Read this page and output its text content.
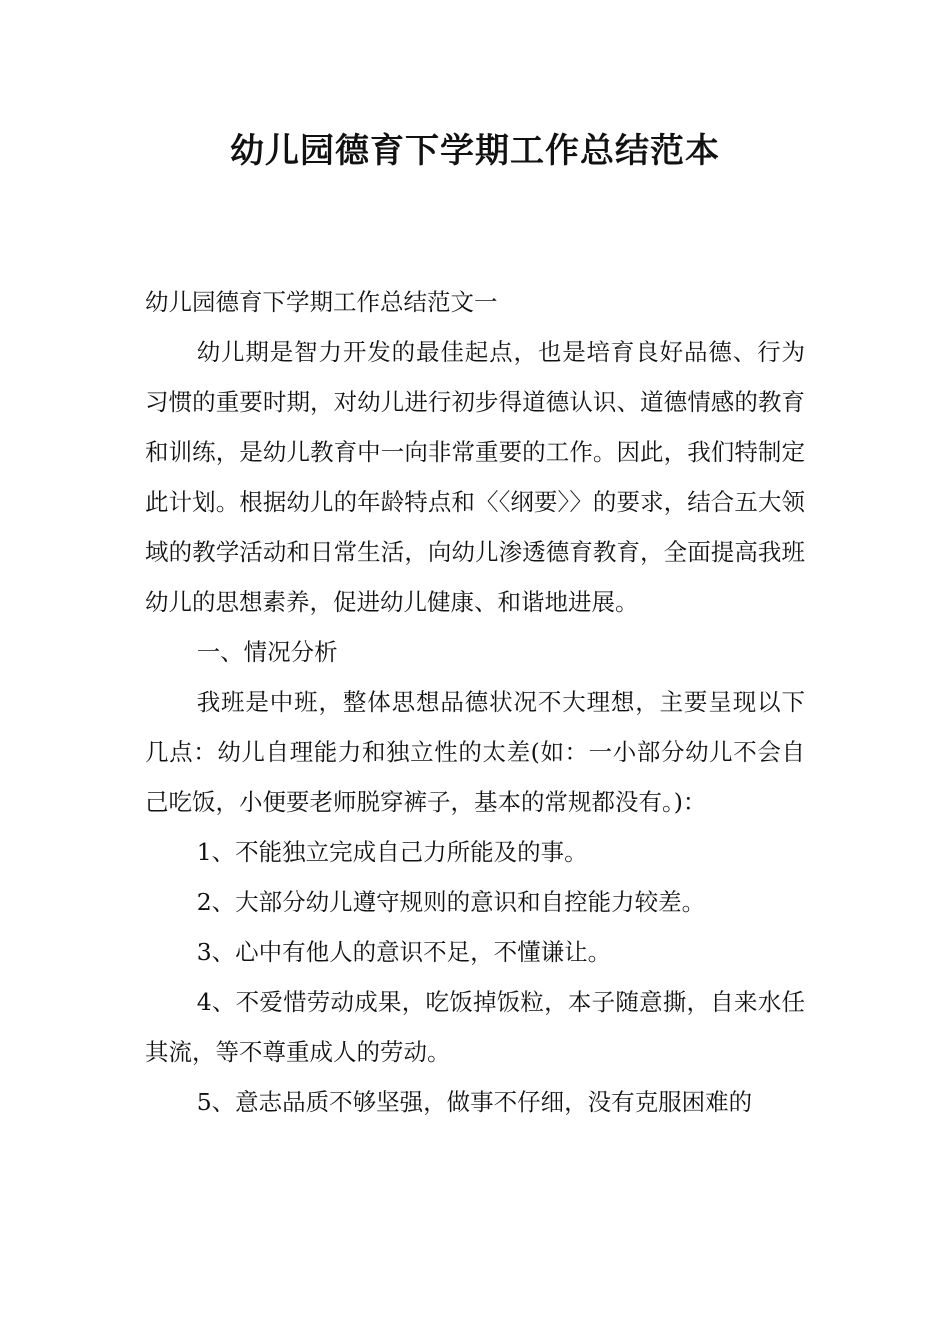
幼儿园德育下学期工作总结范本

幼儿园德育下学期工作总结范文一

幼儿期是智力开发的最佳起点，也是培育良好品德、行为习惯的重要时期，对幼儿进行初步得道德认识、道德情感的教育和训练，是幼儿教育中一向非常重要的工作。因此，我们特制定此计划。根据幼儿的年龄特点和〈〈纲要〉〉的要求，结合五大领域的教学活动和日常生活，向幼儿渗透德育教育，全面提高我班幼儿的思想素养，促进幼儿健康、和谐地进展。

一、情况分析

我班是中班，整体思想品德状况不大理想，主要呈现以下几点：幼儿自理能力和独立性的太差(如：一小部分幼儿不会自己吃饭，小便要老师脱穿裤子，基本的常规都没有。)：

1、不能独立完成自己力所能及的事。

2、大部分幼儿遵守规则的意识和自控能力较差。

3、心中有他人的意识不足，不懂谦让。

4、不爱惜劳动成果，吃饭掉饭粒，本子随意撕，自来水任其流，等不尊重成人的劳动。

5、意志品质不够坚强，做事不仔细，没有克服困难的
